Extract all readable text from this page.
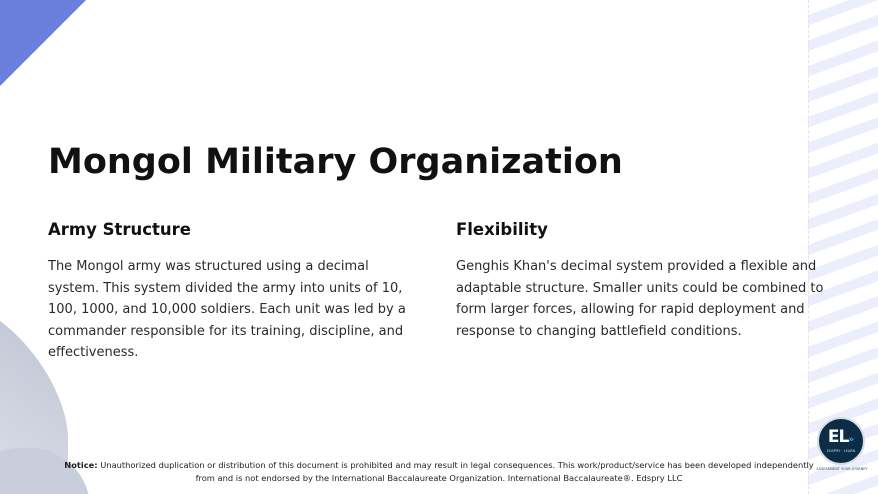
Mongol Military Organization
Army Structure

The Mongol army was structured using a decimal system. This system divided the army into units of 10, 100, 1000, and 10,000 soldiers. Each unit was led by a commander responsible for its training, discipline, and effectiveness.

Flexibility

Genghis Khan's decimal system provided a flexible and adaptable structure. Smaller units could be combined to form larger forces, allowing for rapid deployment and response to changing battlefield conditions.

EL»
EDSPRY · LEARN
ASSESSMENT YOUR JOURNEY
Notice: Unauthorized duplication or distribution of this document is prohibited and may result in legal consequences. This work/product/service has been developed independently from and is not endorsed by the International Baccalaureate Organization. International Baccalaureate®. Edspry LLC
